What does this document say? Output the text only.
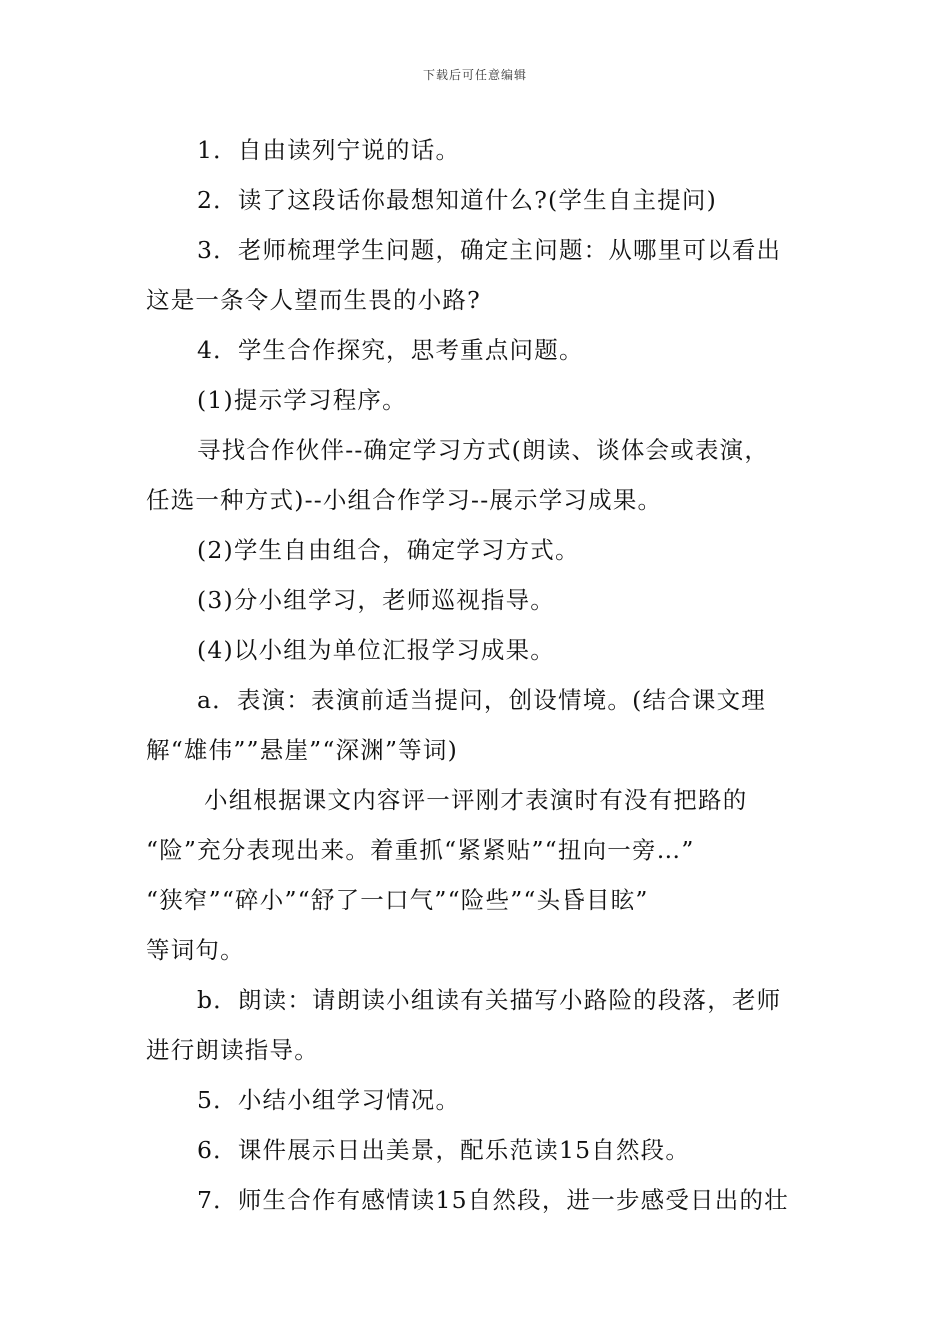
下载后可任意编辑
1．自由读列宁说的话。
2．读了这段话你最想知道什么?(学生自主提问)
3．老师梳理学生问题，确定主问题：从哪里可以看出
这是一条令人望而生畏的小路?
4．学生合作探究，思考重点问题。
(1)提示学习程序。
寻找合作伙伴--确定学习方式(朗读、谈体会或表演，
任选一种方式)--小组合作学习--展示学习成果。
(2)学生自由组合，确定学习方式。
(3)分小组学习，老师巡视指导。
(4)以小组为单位汇报学习成果。
a．表演：表演前适当提问，创设情境。(结合课文理
解“雄伟””悬崖”“深渊”等词)
小组根据课文内容评一评刚才表演时有没有把路的
“险”充分表现出来。着重抓“紧紧贴”“扭向一旁…”
“狭窄”“碎小”“舒了一口气”“险些”“头昏目眩”
等词句。
b．朗读：请朗读小组读有关描写小路险的段落，老师
进行朗读指导。
5．小结小组学习情况。
6．课件展示日出美景，配乐范读15自然段。
7．师生合作有感情读15自然段，进一步感受日出的壮
